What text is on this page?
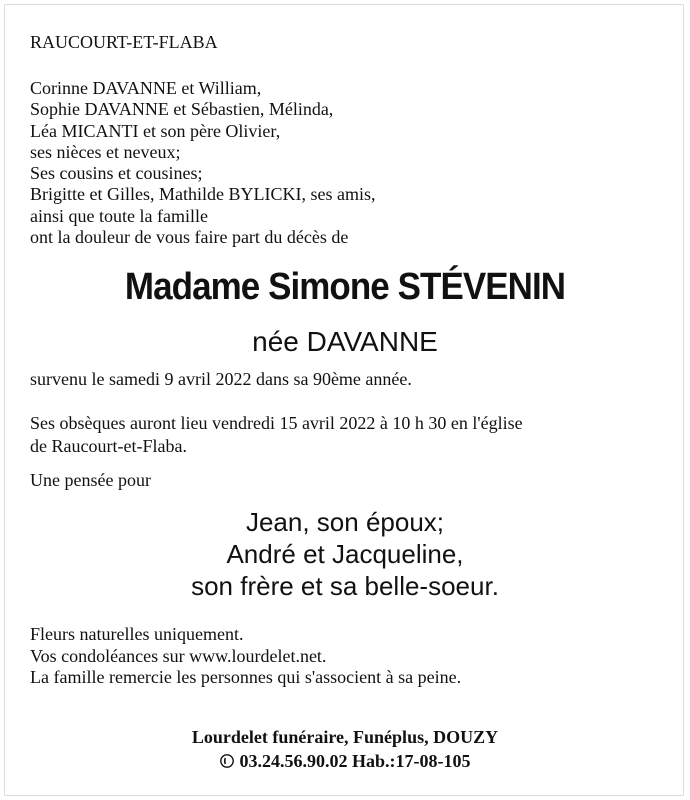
RAUCOURT-ET-FLABA
Corinne DAVANNE et William,
Sophie DAVANNE et Sébastien, Mélinda,
Léa MICANTI et son père Olivier,
ses nièces et neveux;
Ses cousins et cousines;
Brigitte et Gilles, Mathilde BYLICKI, ses amis,
ainsi que toute la famille
ont la douleur de vous faire part du décès de
Madame Simone STÉVENIN
née DAVANNE
survenu le samedi 9 avril 2022 dans sa 90ème année.
Ses obsèques auront lieu vendredi 15 avril 2022 à 10 h 30 en l'église
de Raucourt-et-Flaba.
Une pensée pour
Jean, son époux;
André et Jacqueline,
son frère et sa belle-soeur.
Fleurs naturelles uniquement.
Vos condoléances sur www.lourdelet.net.
La famille remercie les personnes qui s'associent à sa peine.
Lourdelet funéraire, Funéplus, DOUZY
03.24.56.90.02 Hab.:17-08-105
